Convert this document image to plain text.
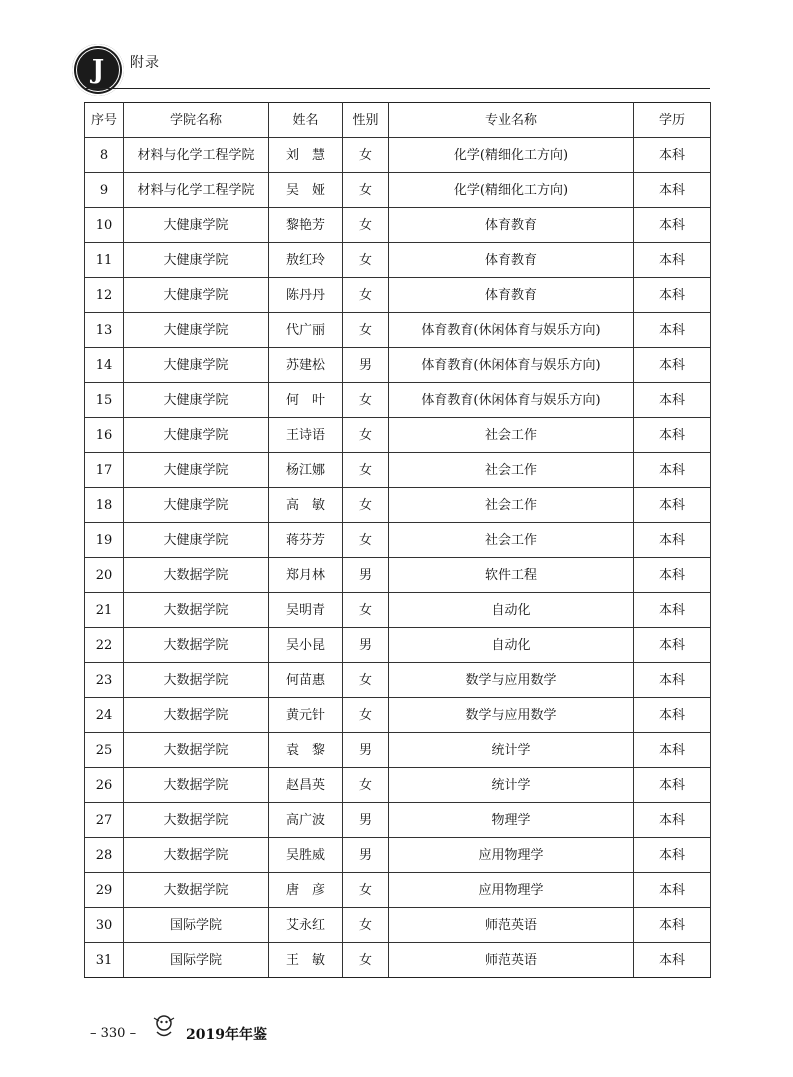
J	附录
序号	学院名称	姓名	性别	专业名称	学历
8	材料与化学工程学院	刘　慧	女	化学(精细化工方向)	本科
9	材料与化学工程学院	吴　娅	女	化学(精细化工方向)	本科
10	大健康学院	黎艳芳	女	体育教育	本科
11	大健康学院	敖红玲	女	体育教育	本科
12	大健康学院	陈丹丹	女	体育教育	本科
13	大健康学院	代广丽	女	体育教育(休闲体育与娱乐方向)	本科
14	大健康学院	苏建松	男	体育教育(休闲体育与娱乐方向)	本科
15	大健康学院	何　叶	女	体育教育(休闲体育与娱乐方向)	本科
16	大健康学院	王诗语	女	社会工作	本科
17	大健康学院	杨江娜	女	社会工作	本科
18	大健康学院	高　敏	女	社会工作	本科
19	大健康学院	蒋芬芳	女	社会工作	本科
20	大数据学院	郑月林	男	软件工程	本科
21	大数据学院	吴明青	女	自动化	本科
22	大数据学院	吴小昆	男	自动化	本科
23	大数据学院	何苗惠	女	数学与应用数学	本科
24	大数据学院	黄元针	女	数学与应用数学	本科
25	大数据学院	袁　黎	男	统计学	本科
26	大数据学院	赵昌英	女	统计学	本科
27	大数据学院	高广波	男	物理学	本科
28	大数据学院	吴胜威	男	应用物理学	本科
29	大数据学院	唐　彦	女	应用物理学	本科
30	国际学院	艾永红	女	师范英语	本科
31	国际学院	王　敏	女	师范英语	本科
– 330 –	2019年年鉴
